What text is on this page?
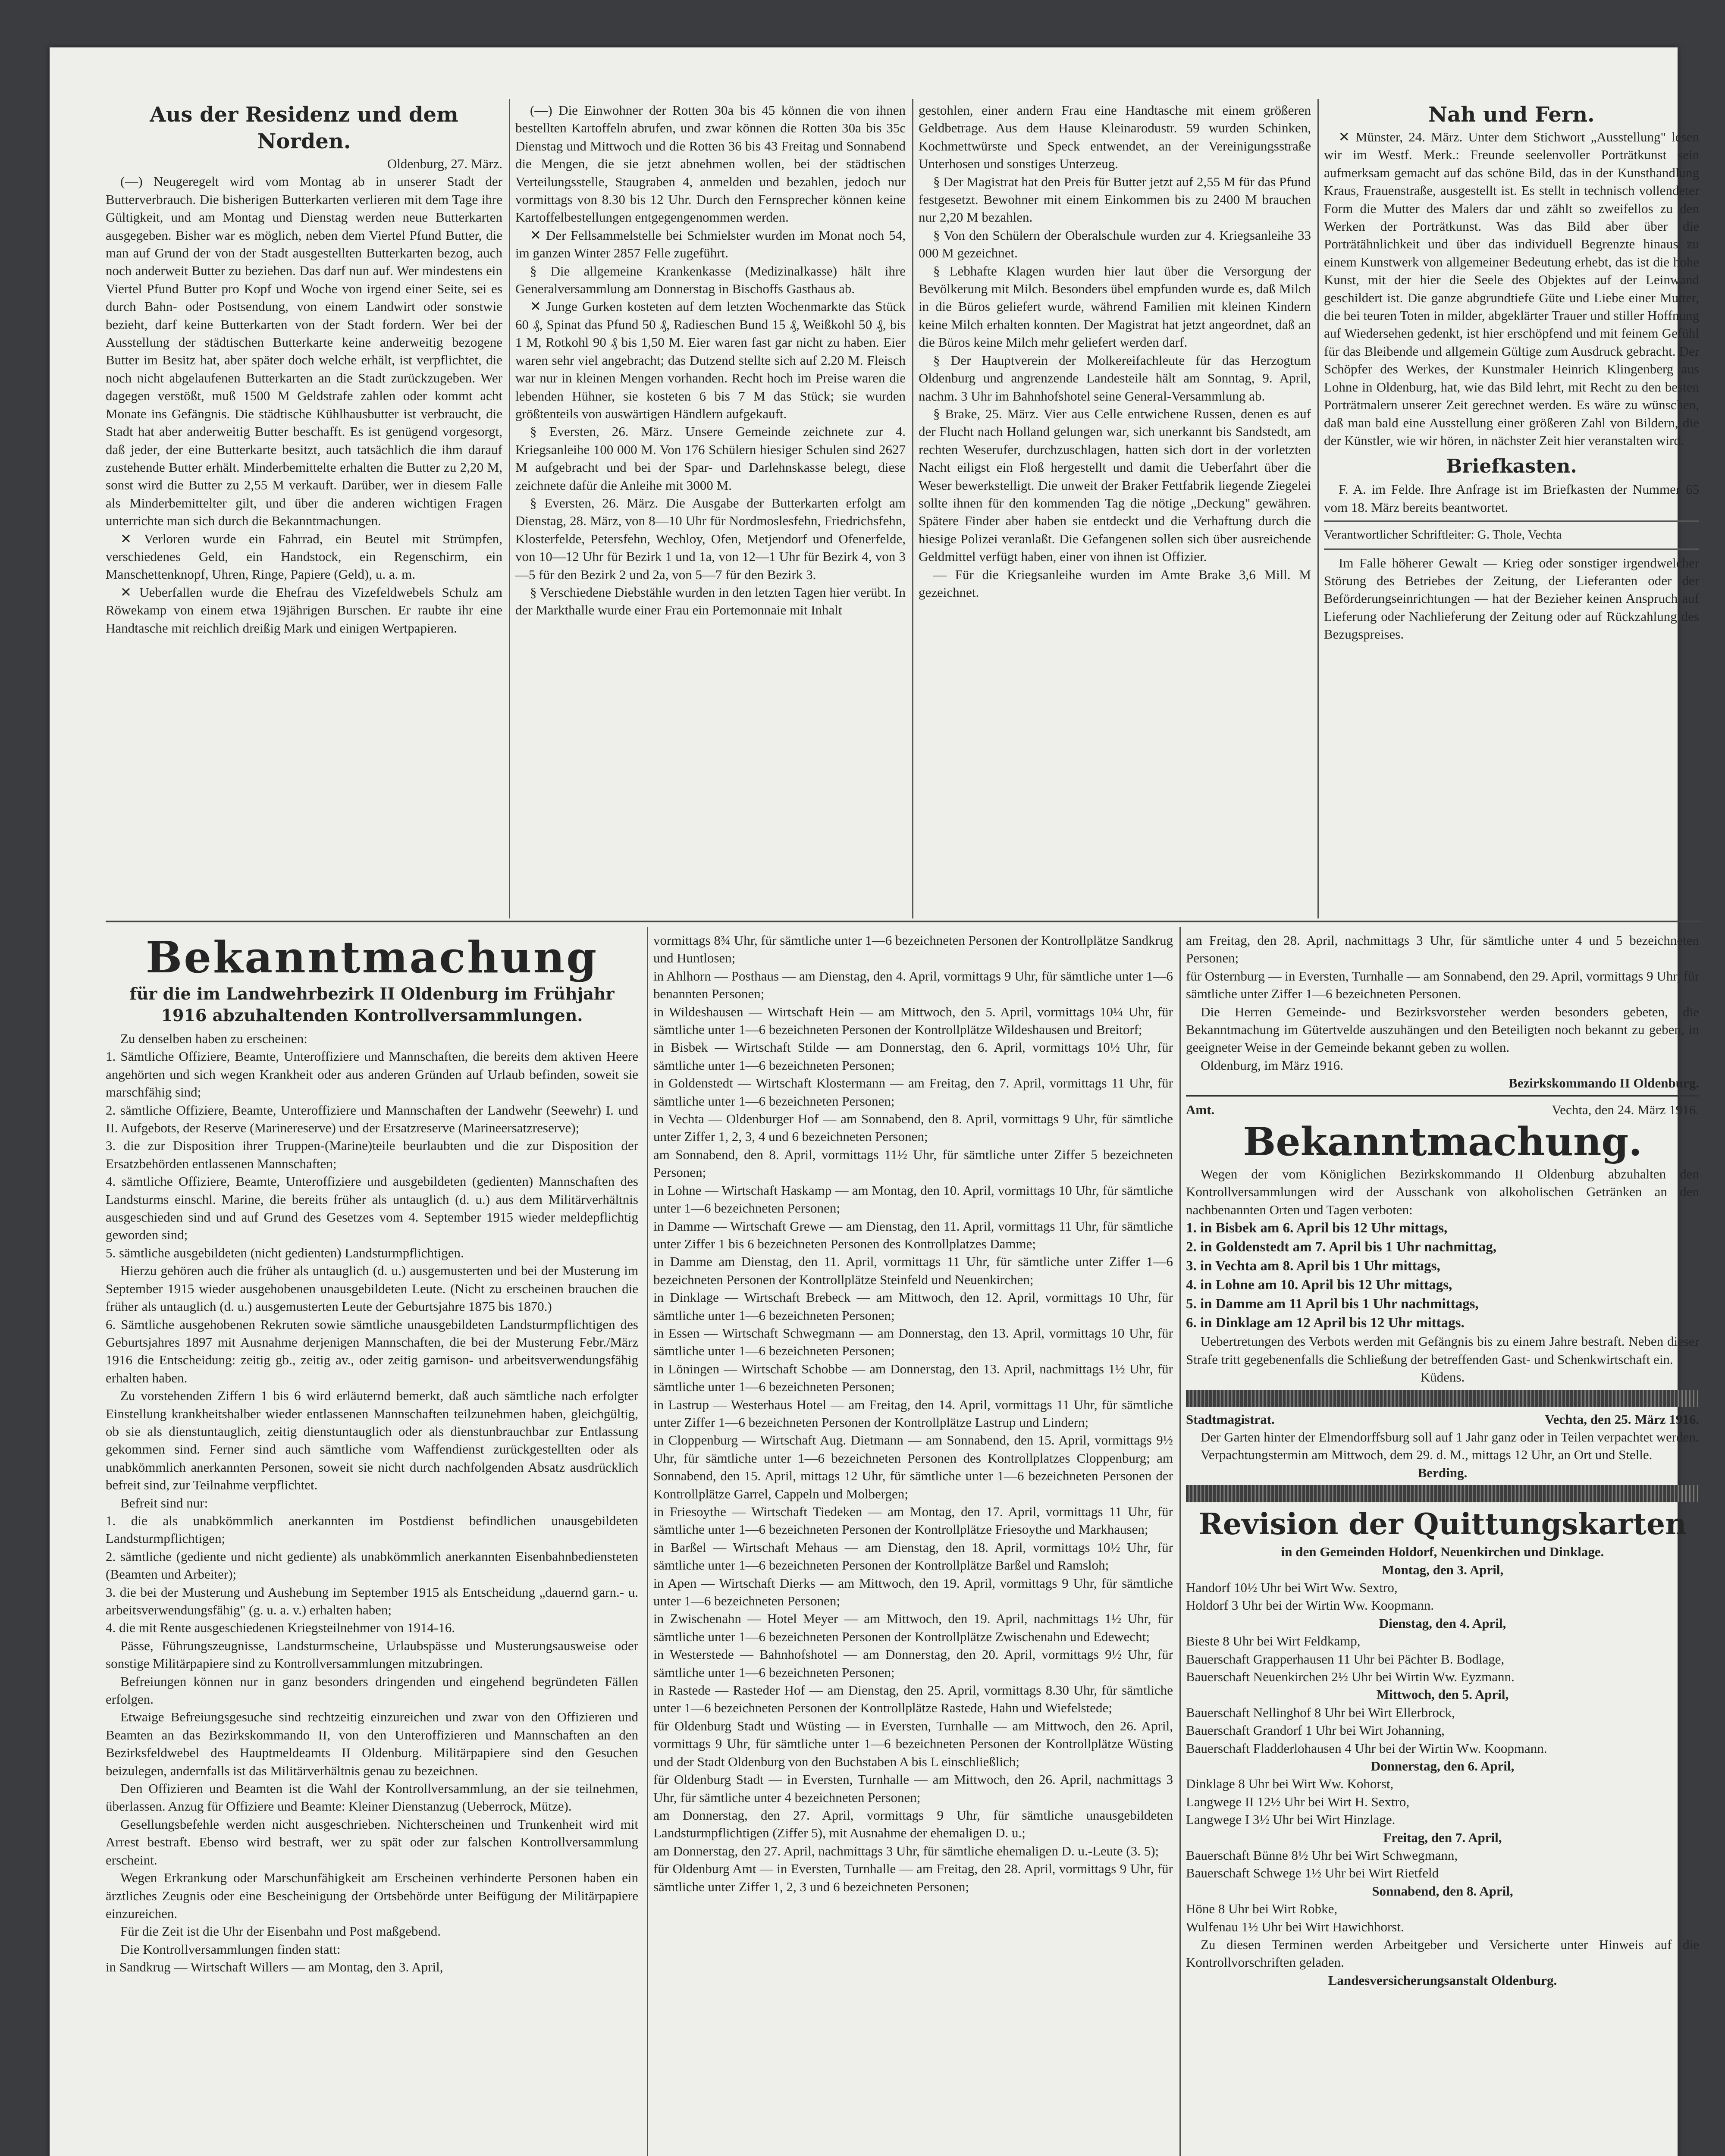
Aus der Residenz und dem Norden.
Oldenburg, 27. März.

(—) Neugeregelt wird vom Montag ab in unserer Stadt der Butterverbrauch. Die bisherigen Butterkarten verlieren mit dem Tage ihre Gültigkeit, und am Montag und Dienstag werden neue Butterkarten ausgegeben. Bisher war es möglich, neben dem Viertel Pfund Butter, die man auf Grund der von der Stadt ausgestellten Butterkarten bezog, auch noch anderweit Butter zu beziehen. Das darf nun auf. Wer mindestens ein Viertel Pfund Butter pro Kopf und Woche von irgend einer Seite, sei es durch Bahn- oder Postsendung, von einem Landwirt oder sonstwie bezieht, darf keine Butterkarten von der Stadt fordern. Wer bei der Ausstellung der städtischen Butterkarte keine anderweitig bezogene Butter im Besitz hat, aber später doch welche erhält, ist verpflichtet, die noch nicht abgelaufenen Butterkarten an die Stadt zurückzugeben. Wer dagegen verstößt, muß 1500 M Geldstrafe zahlen oder kommt acht Monate ins Gefängnis. Die städtische Kühlhausbutter ist verbraucht, die Stadt hat aber anderweitig Butter beschafft. Es ist genügend vorgesorgt, daß jeder, der eine Butterkarte besitzt, auch tatsächlich die ihm darauf zustehende Butter erhält. Minderbemittelte erhalten die Butter zu 2,20 M, sonst wird die Butter zu 2,55 M verkauft. Darüber, wer in diesem Falle als Minderbemittelter gilt, und über die anderen wichtigen Fragen unterrichte man sich durch die Bekanntmachungen.

✕ Verloren wurde ein Fahrrad, ein Beutel mit Strümpfen, verschiedenes Geld, ein Handstock, ein Regenschirm, ein Manschettenknopf, Uhren, Ringe, Papiere (Geld), u. a. m.

✕ Ueberfallen wurde die Ehefrau des Vizefeldwebels Schulz am Röwekamp von einem etwa 19jährigen Burschen. Er raubte ihr eine Handtasche mit reichlich dreißig Mark und einigen Wertpapieren.

(—) Die Einwohner der Rotten 30a bis 45 können die von ihnen bestellten Kartoffeln abrufen, und zwar können die Rotten 30a bis 35c Dienstag und Mittwoch und die Rotten 36 bis 43 Freitag und Sonnabend die Mengen, die sie jetzt abnehmen wollen, bei der städtischen Verteilungsstelle, Staugraben 4, anmelden und bezahlen, jedoch nur vormittags von 8.30 bis 12 Uhr. Durch den Fernsprecher können keine Kartoffelbestellungen entgegengenommen werden.

✕ Der Fellsammelstelle bei Schmielster wurden im Monat noch 54, im ganzen Winter 2857 Felle zugeführt.

§ Die allgemeine Krankenkasse (Medizinalkasse) hält ihre Generalversammlung am Donnerstag in Bischoffs Gasthaus ab.

✕ Junge Gurken kosteten auf dem letzten Wochenmarkte das Stück 60 ₰, Spinat das Pfund 50 ₰, Radieschen Bund 15 ₰, Weißkohl 50 ₰, bis 1 M, Rotkohl 90 ₰ bis 1,50 M. Eier waren fast gar nicht zu haben. Eier waren sehr viel angebracht; das Dutzend stellte sich auf 2.20 M. Fleisch war nur in kleinen Mengen vorhanden. Recht hoch im Preise waren die lebenden Hühner, sie kosteten 6 bis 7 M das Stück; sie wurden größtenteils von auswärtigen Händlern aufgekauft.

§ Eversten, 26. März. Unsere Gemeinde zeichnete zur 4. Kriegsanleihe 100 000 M. Von 176 Schülern hiesiger Schulen sind 2627 M aufgebracht und bei der Spar- und Darlehnskasse belegt, diese zeichnete dafür die Anleihe mit 3000 M.

§ Eversten, 26. März. Die Ausgabe der Butterkarten erfolgt am Dienstag, 28. März, von 8—10 Uhr für Nordmoslesfehn, Friedrichsfehn, Klosterfelde, Petersfehn, Wechloy, Ofen, Metjendorf und Ofenerfelde, von 10—12 Uhr für Bezirk 1 und 1a, von 12—1 Uhr für Bezirk 4, von 3—5 für den Bezirk 2 und 2a, von 5—7 für den Bezirk 3.

§ Verschiedene Diebstähle wurden in den letzten Tagen hier verübt. In der Markthalle wurde einer Frau ein Portemonnaie mit Inhalt

gestohlen, einer andern Frau eine Handtasche mit einem größeren Geldbetrage. Aus dem Hause Kleinarodustr. 59 wurden Schinken, Kochmettwürste und Speck entwendet, an der Vereinigungsstraße Unterhosen und sonstiges Unterzeug.

§ Der Magistrat hat den Preis für Butter jetzt auf 2,55 M für das Pfund festgesetzt. Bewohner mit einem Einkommen bis zu 2400 M brauchen nur 2,20 M bezahlen.

§ Von den Schülern der Oberalschule wurden zur 4. Kriegsanleihe 33 000 M gezeichnet.

§ Lebhafte Klagen wurden hier laut über die Versorgung der Bevölkerung mit Milch. Besonders übel empfunden wurde es, daß Milch in die Büros geliefert wurde, während Familien mit kleinen Kindern keine Milch erhalten konnten. Der Magistrat hat jetzt angeordnet, daß an die Büros keine Milch mehr geliefert werden darf.

§ Der Hauptverein der Molkereifachleute für das Herzogtum Oldenburg und angrenzende Landesteile hält am Sonntag, 9. April, nachm. 3 Uhr im Bahnhofshotel seine General-Versammlung ab.

§ Brake, 25. März. Vier aus Celle entwichene Russen, denen es auf der Flucht nach Holland gelungen war, sich unerkannt bis Sandstedt, am rechten Weserufer, durchzuschlagen, hatten sich dort in der vorletzten Nacht eiligst ein Floß hergestellt und damit die Ueberfahrt über die Weser bewerkstelligt. Die unweit der Braker Fettfabrik liegende Ziegelei sollte ihnen für den kommenden Tag die nötige „Deckung" gewähren. Spätere Finder aber haben sie entdeckt und die Verhaftung durch die hiesige Polizei veranlaßt. Die Gefangenen sollen sich über ausreichende Geldmittel verfügt haben, einer von ihnen ist Offizier.

— Für die Kriegsanleihe wurden im Amte Brake 3,6 Mill. M gezeichnet.

Nah und Fern.

✕ Münster, 24. März. Unter dem Stichwort „Ausstellung" lesen wir im Westf. Merk.: Freunde seelenvoller Porträtkunst sein aufmerksam gemacht auf das schöne Bild, das in der Kunsthandlung Kraus, Frauenstraße, ausgestellt ist. Es stellt in technisch vollendeter Form die Mutter des Malers dar und zählt so zweifellos zu den Werken der Porträtkunst. Was das Bild aber über die Porträtähnlichkeit und über das individuell Begrenzte hinaus zu einem Kunstwerk von allgemeiner Bedeutung erhebt, das ist die hohe Kunst, mit der hier die Seele des Objektes auf der Leinwand geschildert ist. Die ganze abgrundtiefe Güte und Liebe einer Mutter, die bei teuren Toten in milder, abgeklärter Trauer und stiller Hoffnung auf Wiedersehen gedenkt, ist hier erschöpfend und mit feinem Gefühl für das Bleibende und allgemein Gültige zum Ausdruck gebracht. Der Schöpfer des Werkes, der Kunstmaler Heinrich Klingenberg aus Lohne in Oldenburg, hat, wie das Bild lehrt, mit Recht zu den besten Porträtmalern unserer Zeit gerechnet werden. Es wäre zu wünschen, daß man bald eine Ausstellung einer größeren Zahl von Bildern, die der Künstler, wie wir hören, in nächster Zeit hier veranstalten wird.

Briefkasten.

F. A. im Felde. Ihre Anfrage ist im Briefkasten der Nummer 65 vom 18. März bereits beantwortet.

Verantwortlicher Schriftleiter: G. Thole, Vechta

Im Falle höherer Gewalt — Krieg oder sonstiger irgendwelcher Störung des Betriebes der Zeitung, der Lieferanten oder der Beförderungseinrichtungen — hat der Bezieher keinen Anspruch auf Lieferung oder Nachlieferung der Zeitung oder auf Rückzahlung des Bezugspreises.

Bekanntmachung
für die im Landwehrbezirk II Oldenburg im Frühjahr 1916 abzuhaltenden Kontrollversammlungen.

Zu denselben haben zu erscheinen:

1. Sämtliche Offiziere, Beamte, Unteroffiziere und Mannschaften, die bereits dem aktiven Heere angehörten und sich wegen Krankheit oder aus anderen Gründen auf Urlaub befinden, soweit sie marschfähig sind;

2. sämtliche Offiziere, Beamte, Unteroffiziere und Mannschaften der Landwehr (Seewehr) I. und II. Aufgebots, der Reserve (Marinereserve) und der Ersatzreserve (Marineersatzreserve);

3. die zur Disposition ihrer Truppen-(Marine)teile beurlaubten und die zur Disposition der Ersatzbehörden entlassenen Mannschaften;

4. sämtliche Offiziere, Beamte, Unteroffiziere und ausgebildeten (gedienten) Mannschaften des Landsturms einschl. Marine, die bereits früher als untauglich (d. u.) aus dem Militärverhältnis ausgeschieden sind und auf Grund des Gesetzes vom 4. September 1915 wieder meldepflichtig geworden sind;

5. sämtliche ausgebildeten (nicht gedienten) Landsturmpflichtigen.

Hierzu gehören auch die früher als untauglich (d. u.) ausgemusterten und bei der Musterung im September 1915 wieder ausgehobenen unausgebildeten Leute. (Nicht zu erscheinen brauchen die früher als untauglich (d. u.) ausgemusterten Leute der Geburtsjahre 1875 bis 1870.)

6. Sämtliche ausgehobenen Rekruten sowie sämtliche unausgebildeten Landsturmpflichtigen des Geburtsjahres 1897 mit Ausnahme derjenigen Mannschaften, die bei der Musterung Febr./März 1916 die Entscheidung: zeitig gb., zeitig av., oder zeitig garnison- und arbeitsverwendungsfähig erhalten haben.

Zu vorstehenden Ziffern 1 bis 6 wird erläuternd bemerkt, daß auch sämtliche nach erfolgter Einstellung krankheitshalber wieder entlassenen Mannschaften teilzunehmen haben, gleichgültig, ob sie als dienstuntauglich, zeitig dienstuntauglich oder als dienstunbrauchbar zur Entlassung gekommen sind. Ferner sind auch sämtliche vom Waffendienst zurückgestellten oder als unabkömmlich anerkannten Personen, soweit sie nicht durch nachfolgenden Absatz ausdrücklich befreit sind, zur Teilnahme verpflichtet.

Befreit sind nur:

1. die als unabkömmlich anerkannten im Postdienst befindlichen unausgebildeten Landsturmpflichtigen;

2. sämtliche (gediente und nicht gediente) als unabkömmlich anerkannten Eisenbahnbediensteten (Beamten und Arbeiter);

3. die bei der Musterung und Aushebung im September 1915 als Entscheidung „dauernd garn.- u. arbeitsverwendungsfähig" (g. u. a. v.) erhalten haben;

4. die mit Rente ausgeschiedenen Kriegsteilnehmer von 1914-16.

Pässe, Führungszeugnisse, Landsturmscheine, Urlaubspässe und Musterungsausweise oder sonstige Militärpapiere sind zu Kontrollversammlungen mitzubringen.

Befreiungen können nur in ganz besonders dringenden und eingehend begründeten Fällen erfolgen.

Etwaige Befreiungsgesuche sind rechtzeitig einzureichen und zwar von den Offizieren und Beamten an das Bezirkskommando II, von den Unteroffizieren und Mannschaften an den Bezirksfeldwebel des Hauptmeldeamts II Oldenburg. Militärpapiere sind den Gesuchen beizulegen, andernfalls ist das Militärverhältnis genau zu bezeichnen.

Den Offizieren und Beamten ist die Wahl der Kontrollversammlung, an der sie teilnehmen, überlassen. Anzug für Offiziere und Beamte: Kleiner Dienstanzug (Ueberrock, Mütze).

Gesellungsbefehle werden nicht ausgeschrieben. Nichterscheinen und Trunkenheit wird mit Arrest bestraft. Ebenso wird bestraft, wer zu spät oder zur falschen Kontrollversammlung erscheint.

Wegen Erkrankung oder Marschunfähigkeit am Erscheinen verhinderte Personen haben ein ärztliches Zeugnis oder eine Bescheinigung der Ortsbehörde unter Beifügung der Militärpapiere einzureichen.

Für die Zeit ist die Uhr der Eisenbahn und Post maßgebend.

Die Kontrollversammlungen finden statt:

in Sandkrug — Wirtschaft Willers — am Montag, den 3. April,

vormittags 8¾ Uhr, für sämtliche unter 1—6 bezeichneten Personen der Kontrollplätze Sandkrug und Huntlosen;

in Ahlhorn — Posthaus — am Dienstag, den 4. April, vormittags 9 Uhr, für sämtliche unter 1—6 benannten Personen;

in Wildeshausen — Wirtschaft Hein — am Mittwoch, den 5. April, vormittags 10¼ Uhr, für sämtliche unter 1—6 bezeichneten Personen der Kontrollplätze Wildeshausen und Breitorf;

in Bisbek — Wirtschaft Stilde — am Donnerstag, den 6. April, vormittags 10½ Uhr, für sämtliche unter 1—6 bezeichneten Personen;

in Goldenstedt — Wirtschaft Klostermann — am Freitag, den 7. April, vormittags 11 Uhr, für sämtliche unter 1—6 bezeichneten Personen;

in Vechta — Oldenburger Hof — am Sonnabend, den 8. April, vormittags 9 Uhr, für sämtliche unter Ziffer 1, 2, 3, 4 und 6 bezeichneten Personen;

am Sonnabend, den 8. April, vormittags 11½ Uhr, für sämtliche unter Ziffer 5 bezeichneten Personen;

in Lohne — Wirtschaft Haskamp — am Montag, den 10. April, vormittags 10 Uhr, für sämtliche unter 1—6 bezeichneten Personen;

in Damme — Wirtschaft Grewe — am Dienstag, den 11. April, vormittags 11 Uhr, für sämtliche unter Ziffer 1 bis 6 bezeichneten Personen des Kontrollplatzes Damme;

in Damme am Dienstag, den 11. April, vormittags 11 Uhr, für sämtliche unter Ziffer 1—6 bezeichneten Personen der Kontrollplätze Steinfeld und Neuenkirchen;

in Dinklage — Wirtschaft Brebeck — am Mittwoch, den 12. April, vormittags 10 Uhr, für sämtliche unter 1—6 bezeichneten Personen;

in Essen — Wirtschaft Schwegmann — am Donnerstag, den 13. April, vormittags 10 Uhr, für sämtliche unter 1—6 bezeichneten Personen;

in Löningen — Wirtschaft Schobbe — am Donnerstag, den 13. April, nachmittags 1½ Uhr, für sämtliche unter 1—6 bezeichneten Personen;

in Lastrup — Westerhaus Hotel — am Freitag, den 14. April, vormittags 11 Uhr, für sämtliche unter Ziffer 1—6 bezeichneten Personen der Kontrollplätze Lastrup und Lindern;

in Cloppenburg — Wirtschaft Aug. Dietmann — am Sonnabend, den 15. April, vormittags 9½ Uhr, für sämtliche unter 1—6 bezeichneten Personen des Kontrollplatzes Cloppenburg; am Sonnabend, den 15. April, mittags 12 Uhr, für sämtliche unter 1—6 bezeichneten Personen der Kontrollplätze Garrel, Cappeln und Molbergen;

in Friesoythe — Wirtschaft Tiedeken — am Montag, den 17. April, vormittags 11 Uhr, für sämtliche unter 1—6 bezeichneten Personen der Kontrollplätze Friesoythe und Markhausen;

in Barßel — Wirtschaft Mehaus — am Dienstag, den 18. April, vormittags 10½ Uhr, für sämtliche unter 1—6 bezeichneten Personen der Kontrollplätze Barßel und Ramsloh;

in Apen — Wirtschaft Dierks — am Mittwoch, den 19. April, vormittags 9 Uhr, für sämtliche unter 1—6 bezeichneten Personen;

in Zwischenahn — Hotel Meyer — am Mittwoch, den 19. April, nachmittags 1½ Uhr, für sämtliche unter 1—6 bezeichneten Personen der Kontrollplätze Zwischenahn und Edewecht;

in Westerstede — Bahnhofshotel — am Donnerstag, den 20. April, vormittags 9½ Uhr, für sämtliche unter 1—6 bezeichneten Personen;

in Rastede — Rasteder Hof — am Dienstag, den 25. April, vormittags 8.30 Uhr, für sämtliche unter 1—6 bezeichneten Personen der Kontrollplätze Rastede, Hahn und Wiefelstede;

für Oldenburg Stadt und Wüsting — in Eversten, Turnhalle — am Mittwoch, den 26. April, vormittags 9 Uhr, für sämtliche unter 1—6 bezeichneten Personen der Kontrollplätze Wüsting und der Stadt Oldenburg von den Buchstaben A bis L einschließlich;

für Oldenburg Stadt — in Eversten, Turnhalle — am Mittwoch, den 26. April, nachmittags 3 Uhr, für sämtliche unter 4 bezeichneten Personen;

am Donnerstag, den 27. April, vormittags 9 Uhr, für sämtliche unausgebildeten Landsturmpflichtigen (Ziffer 5), mit Ausnahme der ehemaligen D. u.;

am Donnerstag, den 27. April, nachmittags 3 Uhr, für sämtliche ehemaligen D. u.-Leute (3. 5);

für Oldenburg Amt — in Eversten, Turnhalle — am Freitag, den 28. April, vormittags 9 Uhr, für sämtliche unter Ziffer 1, 2, 3 und 6 bezeichneten Personen;

am Freitag, den 28. April, nachmittags 3 Uhr, für sämtliche unter 4 und 5 bezeichneten Personen;

für Osternburg — in Eversten, Turnhalle — am Sonnabend, den 29. April, vormittags 9 Uhr, für sämtliche unter Ziffer 1—6 bezeichneten Personen.

Die Herren Gemeinde- und Bezirksvorsteher werden besonders gebeten, die Bekanntmachung im Gütertvelde auszuhängen und den Beteiligten noch bekannt zu geben, in geeigneter Weise in der Gemeinde bekannt geben zu wollen.

Oldenburg, im März 1916.

Bezirkskommando II Oldenburg.

Amt.	Vechta, den 24. März 1916.
Bekanntmachung.

Wegen der vom Königlichen Bezirkskommando II Oldenburg abzuhalten den Kontrollversammlungen wird der Ausschank von alkoholischen Getränken an den nachbenannten Orten und Tagen verboten:

1. in Bisbek am 6. April bis 12 Uhr mittags,

2. in Goldenstedt am 7. April bis 1 Uhr nachmittag,

3. in Vechta am 8. April bis 1 Uhr mittags,

4. in Lohne am 10. April bis 12 Uhr mittags,

5. in Damme am 11 April bis 1 Uhr nachmittags,

6. in Dinklage am 12 April bis 12 Uhr mittags.

Uebertretungen des Verbots werden mit Gefängnis bis zu einem Jahre bestraft. Neben dieser Strafe tritt gegebenenfalls die Schließung der betreffenden Gast- und Schenkwirtschaft ein.

Küdens.

Stadtmagistrat.	Vechta, den 25. März 1916.

Der Garten hinter der Elmendorffsburg soll auf 1 Jahr ganz oder in Teilen verpachtet werden.

Verpachtungstermin am Mittwoch, dem 29. d. M., mittags 12 Uhr, an Ort und Stelle.

Berding.

Revision der Quittungskarten
in den Gemeinden Holdorf, Neuenkirchen und Dinklage.
Montag, den 3. April,
Handorf 10½ Uhr bei Wirt Ww. Sextro,
Holdorf 3 Uhr bei der Wirtin Ww. Koopmann.
Dienstag, den 4. April,
Bieste 8 Uhr bei Wirt Feldkamp,
Bauerschaft Grapperhausen 11 Uhr bei Pächter B. Bodlage,
Bauerschaft Neuenkirchen 2½ Uhr bei Wirtin Ww. Eyzmann.
Mittwoch, den 5. April,
Bauerschaft Nellinghof 8 Uhr bei Wirt Ellerbrock,
Bauerschaft Grandorf 1 Uhr bei Wirt Johanning,
Bauerschaft Fladderlohausen 4 Uhr bei der Wirtin Ww. Koopmann.
Donnerstag, den 6. April,
Dinklage 8 Uhr bei Wirt Ww. Kohorst,
Langwege II 12½ Uhr bei Wirt H. Sextro,
Langwege I 3½ Uhr bei Wirt Hinzlage.
Freitag, den 7. April,
Bauerschaft Bünne 8½ Uhr bei Wirt Schwegmann,
Bauerschaft Schwege 1½ Uhr bei Wirt Rietfeld
Sonnabend, den 8. April,
Höne 8 Uhr bei Wirt Robke,
Wulfenau 1½ Uhr bei Wirt Hawichhorst.

Zu diesen Terminen werden Arbeitgeber und Versicherte unter Hinweis auf die Kontrollvorschriften geladen.

Landesversicherungsanstalt Oldenburg.
